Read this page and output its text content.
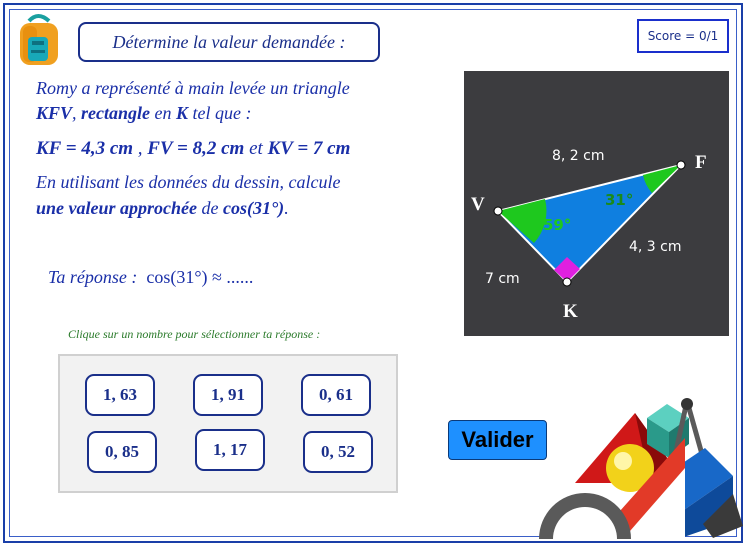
Détermine la valeur demandée :	Score = 0/1
Romy a représenté à main levée un triangle
KFV, rectangle en K tel que :
KF = 4,3 cm , FV = 8,2 cm et KV = 7 cm
En utilisant les données du dessin, calcule
une valeur approchée de cos(31°).
Ta réponse : cos(31°) ≈ ......
Clique sur un nombre pour sélectionner ta réponse :
1, 63	1, 91	0, 61
0, 85	1, 17	0, 52
V
F
K
8, 2 cm
4, 3 cm
7 cm
59°
31°
Valider
